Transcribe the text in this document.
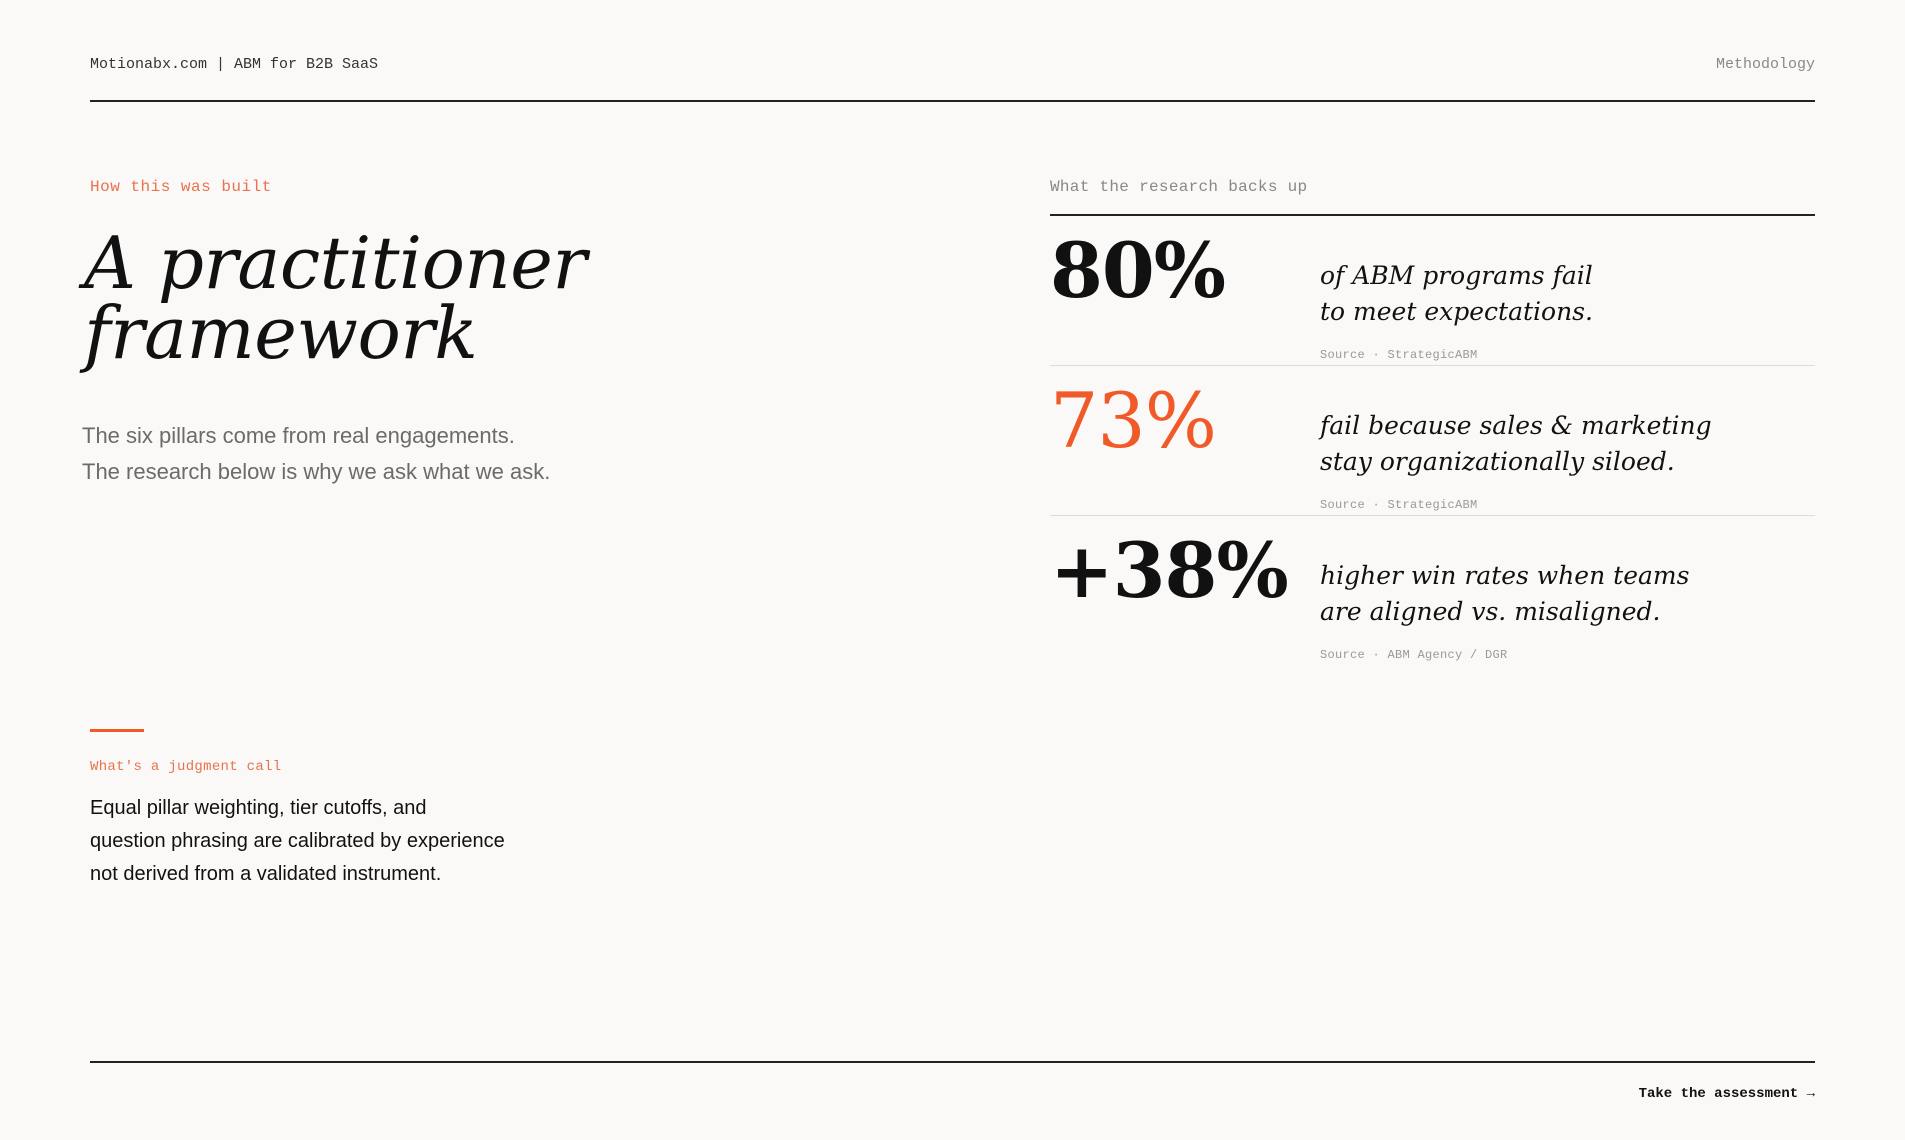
Motionabx.com | ABM for B2B SaaS	Methodology
How this was built
A practitioner
framework

The six pillars come from real engagements.
The research below is why we ask what we ask.

What's a judgment call

Equal pillar weighting, tier cutoffs, and
question phrasing are calibrated by experience
not derived from a validated instrument.

What the research backs up
80%	of ABM programs fail
to meet expectations.
Source · StrategicABM
73%	fail because sales & marketing
stay organizationally siloed.
Source · StrategicABM
+38% higher win rates when teams
are aligned vs. misaligned.
Source · ABM Agency / DGR
Take the assessment →
